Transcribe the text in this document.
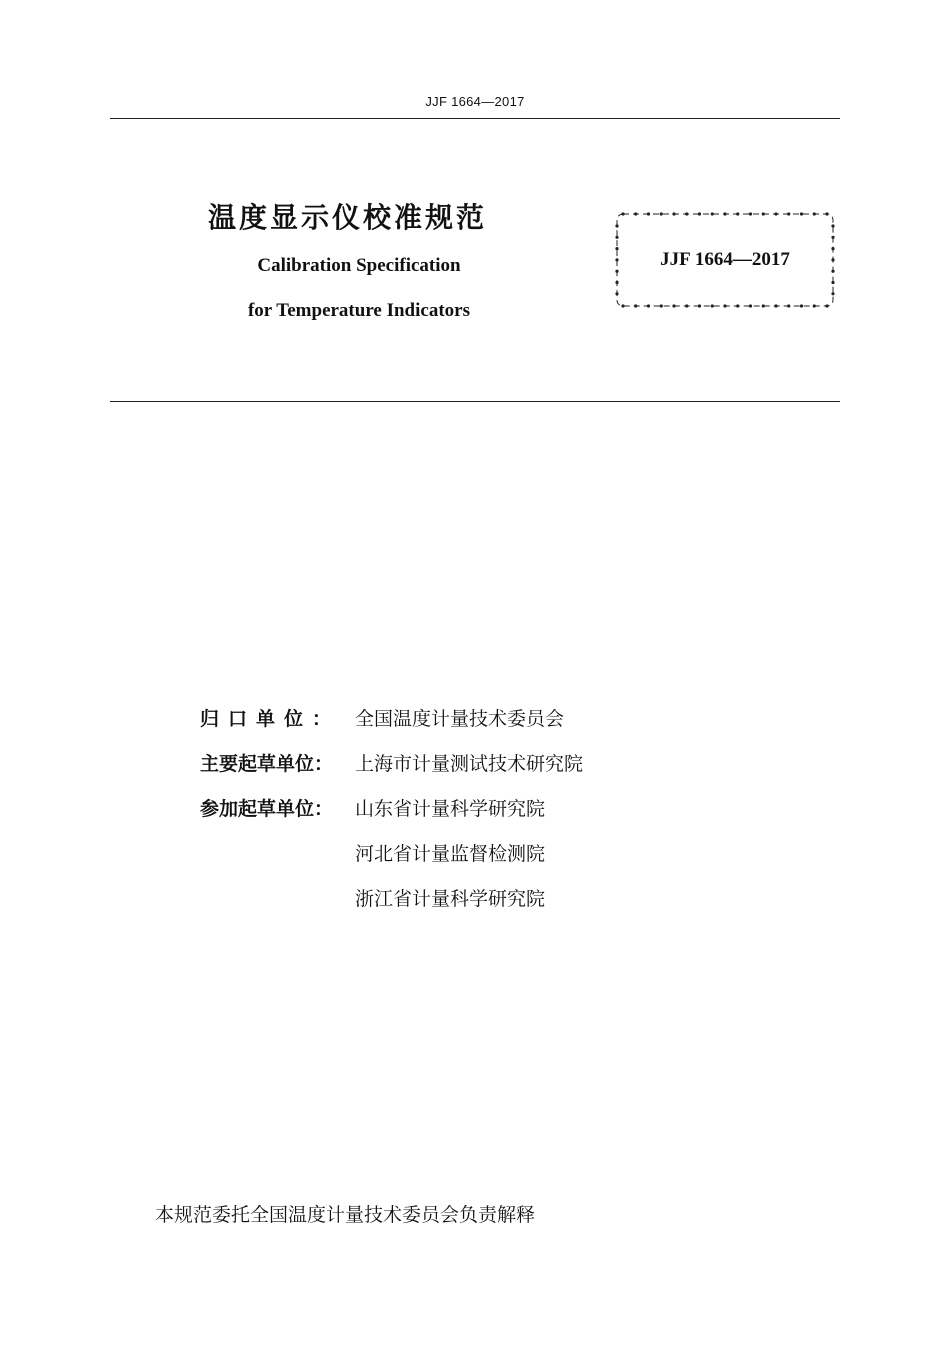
JJF 1664—2017
温度显示仪校准规范
Calibration Specification
for Temperature Indicators
JJF 1664—2017
归口单位： 全国温度计量技术委员会
主要起草单位：	上海市计量测试技术研究院
参加起草单位：	山东省计量科学研究院
河北省计量监督检测院
浙江省计量科学研究院
本规范委托全国温度计量技术委员会负责解释
